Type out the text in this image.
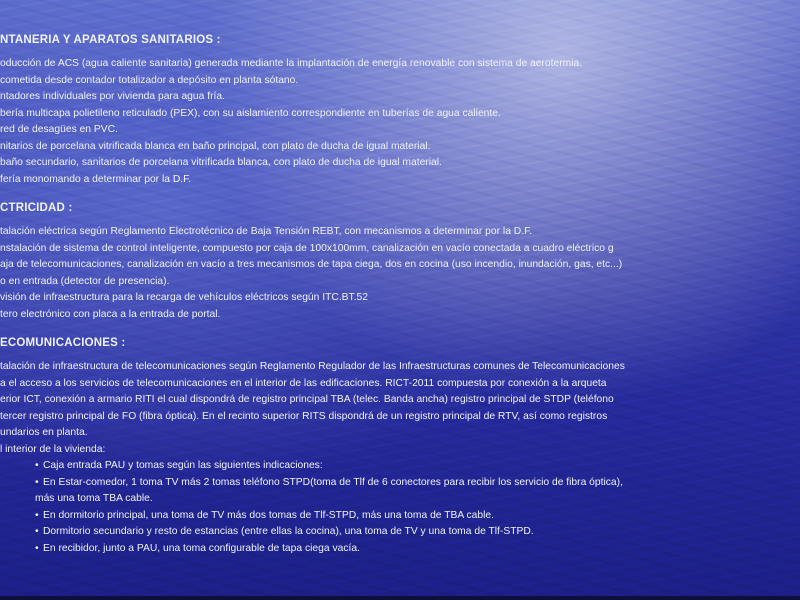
NTANERIA Y APARATOS SANITARIOS :
oducción de ACS (agua caliente sanitaria) generada mediante la implantación de energía renovable con sistema de aerotermia.
cometida desde contador totalizador a depósito en planta sótano.
ntadores individuales por vivienda para agua fría.
bería multicapa polietileno reticulado (PEX), con su aislamiento correspondiente en tuberías de agua caliente.
red de desagües en PVC.
nitarios de porcelana vitrificada blanca en baño principal, con plato de ducha de igual material.
baño secundario, sanitarios de porcelana vitrificada blanca, con plato de ducha de igual material.
fería monomando a determinar por la D.F.
CTRICIDAD :
talación eléctrica según Reglamento Electrotécnico de Baja Tensión REBT, con mecanismos a determinar por la D.F.
nstalación de sistema de control inteligente, compuesto por caja de 100x100mm, canalización en vacío conectada a cuadro eléctrico g
aja de telecomunicaciones, canalización en vacío a tres mecanismos de tapa ciega, dos en cocina (uso incendio, inundación, gas, etc...)
o en entrada (detector de presencia).
visión de infraestructura para la recarga de vehículos eléctricos según ITC.BT.52
tero electrónico con placa a la entrada de portal.
ECOMUNICACIONES :
talación de infraestructura de telecomunicaciones según Reglamento Regulador de las Infraestructuras comunes de Telecomunicaciones
a el acceso a los servicios de telecomunicaciones en el interior de las edificaciones. RICT-2011 compuesta por conexión a la arqueta
erior ICT, conexión a armario RITI el cual dispondrá de registro principal TBA (telec. Banda ancha) registro principal de STDP (teléfono
tercer registro principal de FO (fibra óptica). En el recinto superior RITS dispondrá de un registro principal de RTV, así como registros
undarios en planta.
l interior de la vivienda:
• Caja entrada PAU y tomas según las siguientes indicaciones:
• En Estar-comedor, 1 toma TV más 2 tomas teléfono STPD(toma de Tlf de 6 conectores para recibir los servicio de fibra óptica),
más una toma TBA cable.
• En dormitorio principal, una toma de TV más dos tomas de Tlf-STPD, más una toma de TBA cable.
• Dormitorio secundario y resto de estancias (entre ellas la cocina), una toma de TV y una toma de Tlf-STPD.
• En recibidor, junto a PAU, una toma configurable de tapa ciega vacía.
